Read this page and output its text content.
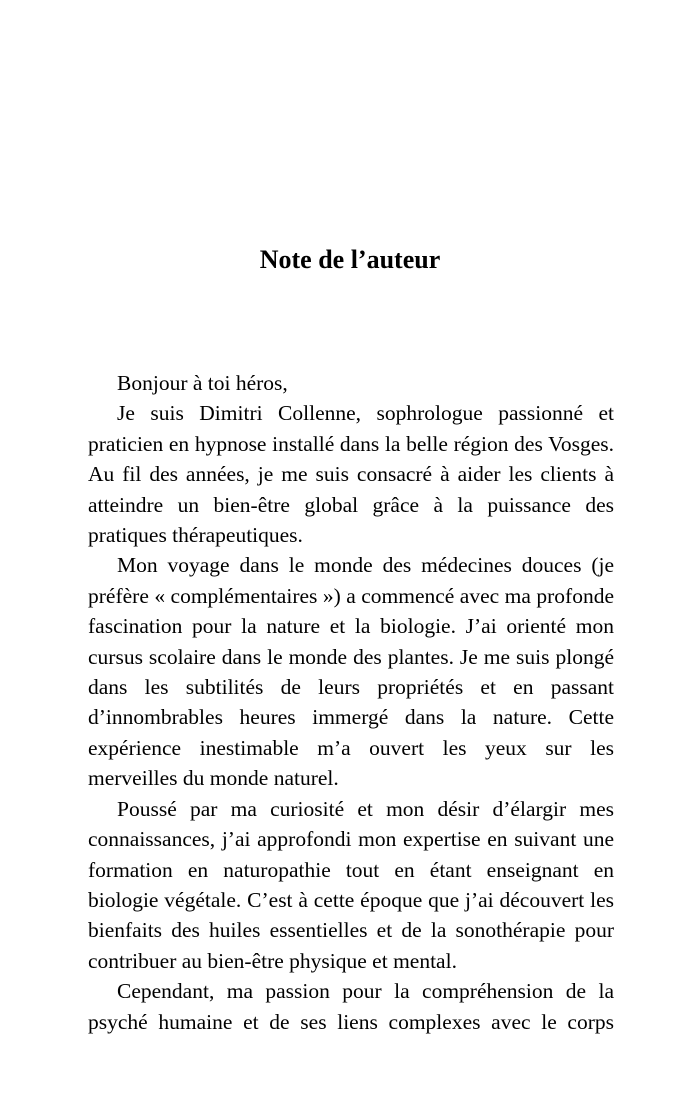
Note de l’auteur

Bonjour à toi héros,

Je suis Dimitri Collenne, sophrologue passionné et praticien en hypnose installé dans la belle région des Vosges. Au fil des années, je me suis consacré à aider les clients à atteindre un bien-être global grâce à la puissance des pratiques thérapeutiques.

Mon voyage dans le monde des médecines douces (je préfère « complémentaires ») a commencé avec ma profonde fascination pour la nature et la biologie. J’ai orienté mon cursus scolaire dans le monde des plantes. Je me suis plongé dans les subtilités de leurs propriétés et en passant d’innombrables heures immergé dans la nature. Cette expérience inestimable m’a ouvert les yeux sur les merveilles du monde naturel.

Poussé par ma curiosité et mon désir d’élargir mes connaissances, j’ai approfondi mon expertise en suivant une formation en naturopathie tout en étant enseignant en biologie végétale. C’est à cette époque que j’ai découvert les bienfaits des huiles essentielles et de la sonothérapie pour contribuer au bien-être physique et mental.

Cependant, ma passion pour la compréhension de la psyché humaine et de ses liens complexes avec le corps
